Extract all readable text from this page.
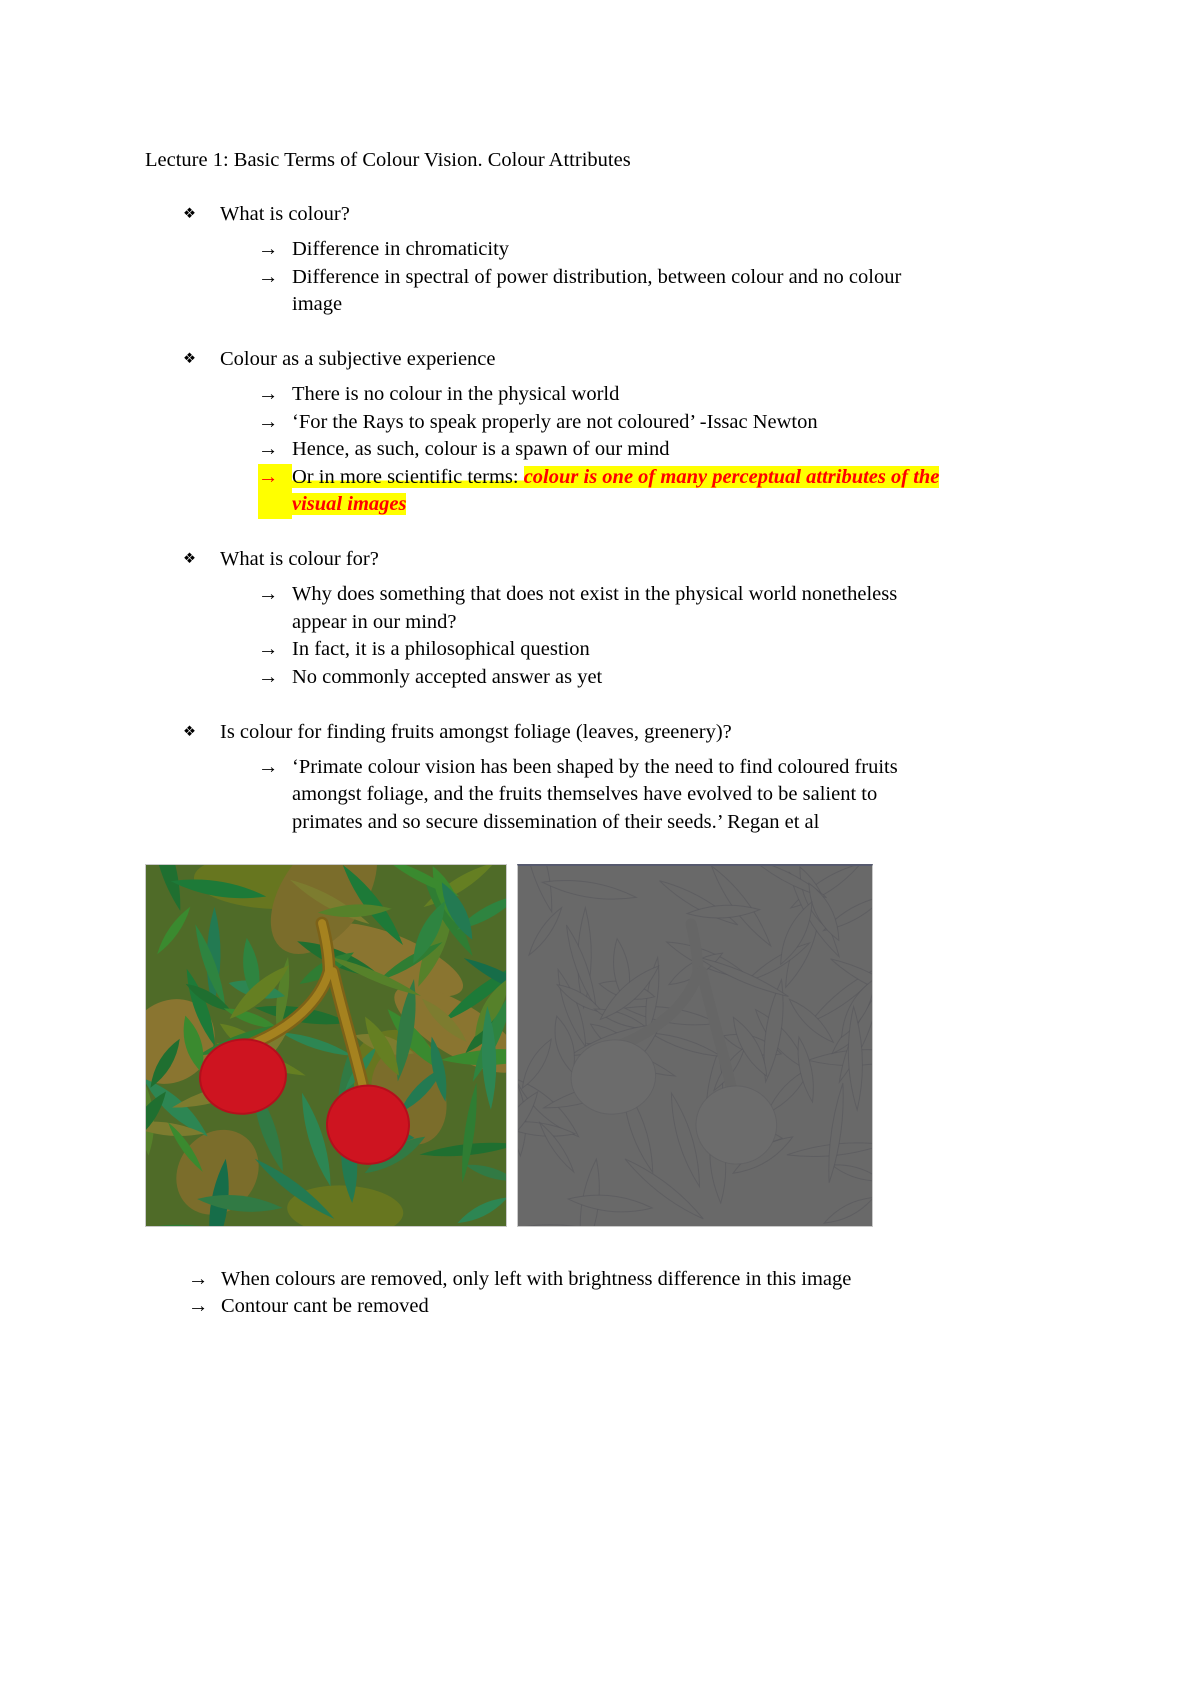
Lecture 1: Basic Terms of Colour Vision. Colour Attributes
❖	What is colour?
→ Difference in chromaticity
→ Difference in spectral of power distribution, between colour and no colour
image
❖	Colour as a subjective experience
→ There is no colour in the physical world
→ ‘For the Rays to speak properly are not coloured’ -Issac Newton
→ Hence, as such, colour is a spawn of our mind
→ Or in more scientific terms: colour is one of many perceptual attributes of the
visual images
❖	What is colour for?
→ Why does something that does not exist in the physical world nonetheless
appear in our mind?
→ In fact, it is a philosophical question
→ No commonly accepted answer as yet
❖	Is colour for finding fruits amongst foliage (leaves, greenery)?
→ ‘Primate colour vision has been shaped by the need to find coloured fruits
amongst foliage, and the fruits themselves have evolved to be salient to
primates and so secure dissemination of their seeds.’ Regan et al
→ When colours are removed, only left with brightness difference in this image
→ Contour cant be removed
